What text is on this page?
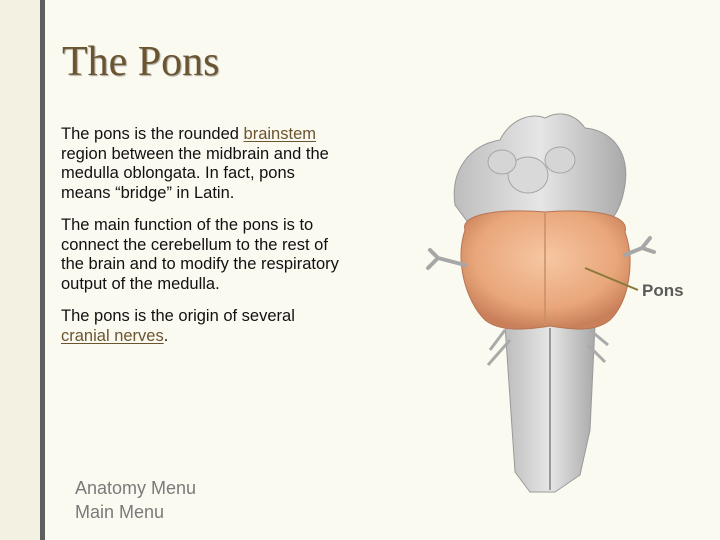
The Pons

The pons is the rounded brainstem region between the midbrain and the medulla oblongata. In fact, pons means “bridge” in Latin.

The main function of the pons is to connect the cerebellum to the rest of the brain and to modify the respiratory output of the medulla.

The pons is the origin of several cranial nerves.

Anatomy Menu
Main Menu
Pons
